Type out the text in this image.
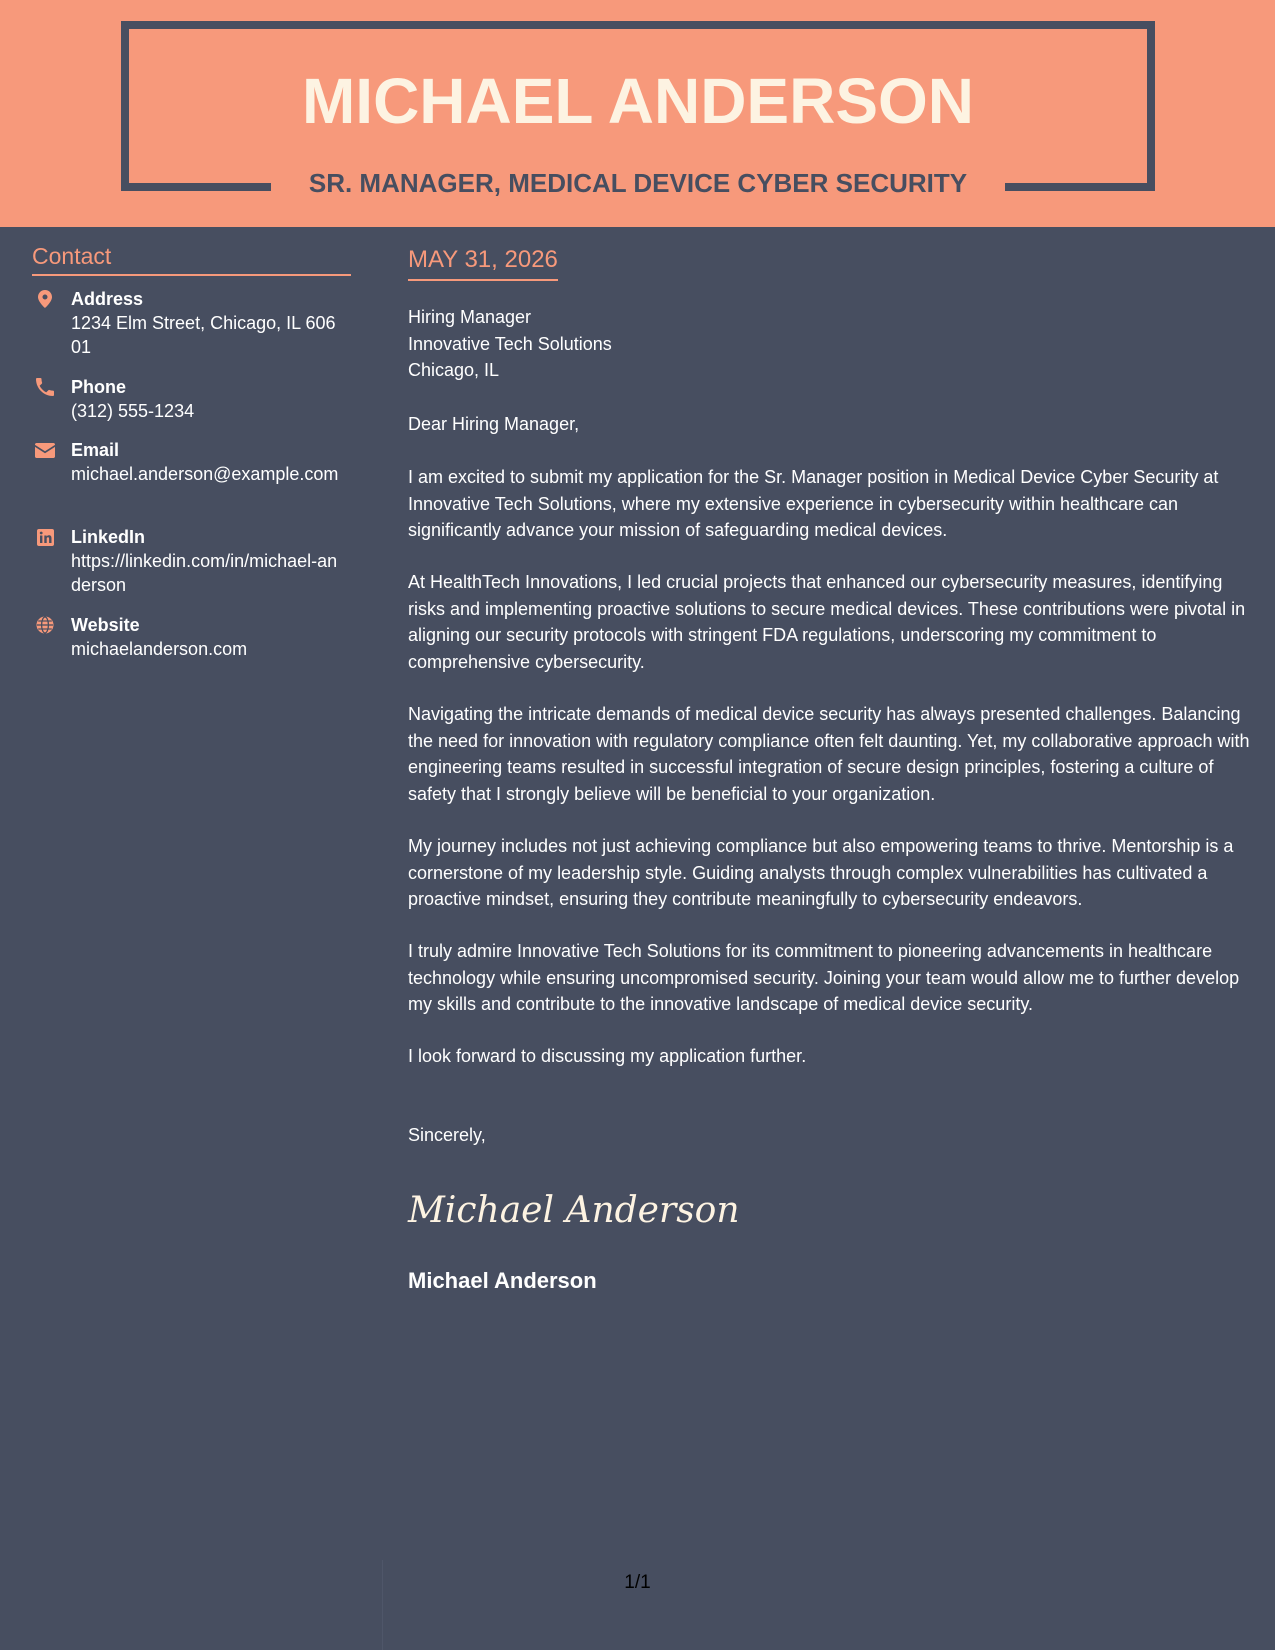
MICHAEL ANDERSON
SR. MANAGER, MEDICAL DEVICE CYBER SECURITY
Contact
Address
1234 Elm Street, Chicago, IL 60601
Phone
(312) 555-1234
Email
michael.anderson@example.com
LinkedIn
https://linkedin.com/in/michael-anderson
Website
michaelanderson.com
MAY 31, 2026
Hiring Manager
Innovative Tech Solutions
Chicago, IL
Dear Hiring Manager,
I am excited to submit my application for the Sr. Manager position in Medical Device Cyber Security at Innovative Tech Solutions, where my extensive experience in cybersecurity within healthcare can significantly advance your mission of safeguarding medical devices.
At HealthTech Innovations, I led crucial projects that enhanced our cybersecurity measures, identifying risks and implementing proactive solutions to secure medical devices. These contributions were pivotal in aligning our security protocols with stringent FDA regulations, underscoring my commitment to comprehensive cybersecurity.
Navigating the intricate demands of medical device security has always presented challenges. Balancing the need for innovation with regulatory compliance often felt daunting. Yet, my collaborative approach with engineering teams resulted in successful integration of secure design principles, fostering a culture of safety that I strongly believe will be beneficial to your organization.
My journey includes not just achieving compliance but also empowering teams to thrive. Mentorship is a cornerstone of my leadership style. Guiding analysts through complex vulnerabilities has cultivated a proactive mindset, ensuring they contribute meaningfully to cybersecurity endeavors.
I truly admire Innovative Tech Solutions for its commitment to pioneering advancements in healthcare technology while ensuring uncompromised security. Joining your team would allow me to further develop my skills and contribute to the innovative landscape of medical device security.
I look forward to discussing my application further.
Sincerely,
Michael Anderson
Michael Anderson
1/1
